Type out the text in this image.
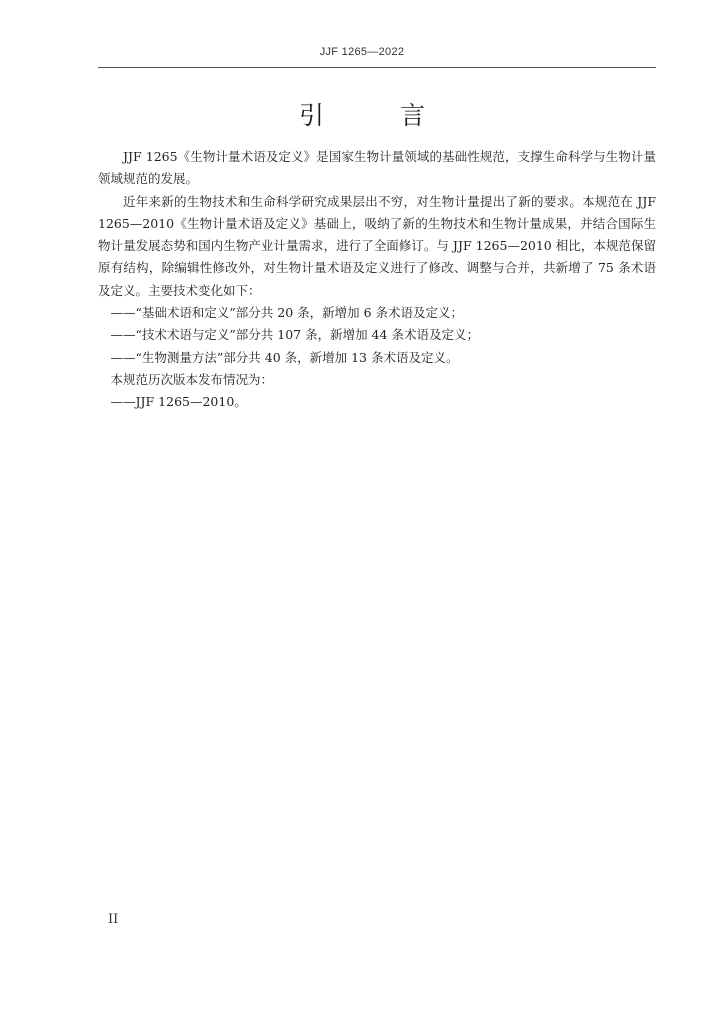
JJF 1265—2022
引言

JJF 1265《生物计量术语及定义》是国家生物计量领域的基础性规范，支撑生命科学与生物计量领域规范的发展。

近年来新的生物技术和生命科学研究成果层出不穷，对生物计量提出了新的要求。本规范在 JJF 1265—2010《生物计量术语及定义》基础上，吸纳了新的生物技术和生物计量成果，并结合国际生物计量发展态势和国内生物产业计量需求，进行了全面修订。与 JJF 1265—2010 相比，本规范保留原有结构，除编辑性修改外，对生物计量术语及定义进行了修改、调整与合并，共新增了 75 条术语及定义。主要技术变化如下：

——“基础术语和定义”部分共 20 条，新增加 6 条术语及定义；

——“技术术语与定义”部分共 107 条，新增加 44 条术语及定义；

——“生物测量方法”部分共 40 条，新增加 13 条术语及定义。

本规范历次版本发布情况为：

——JJF 1265—2010。

II
